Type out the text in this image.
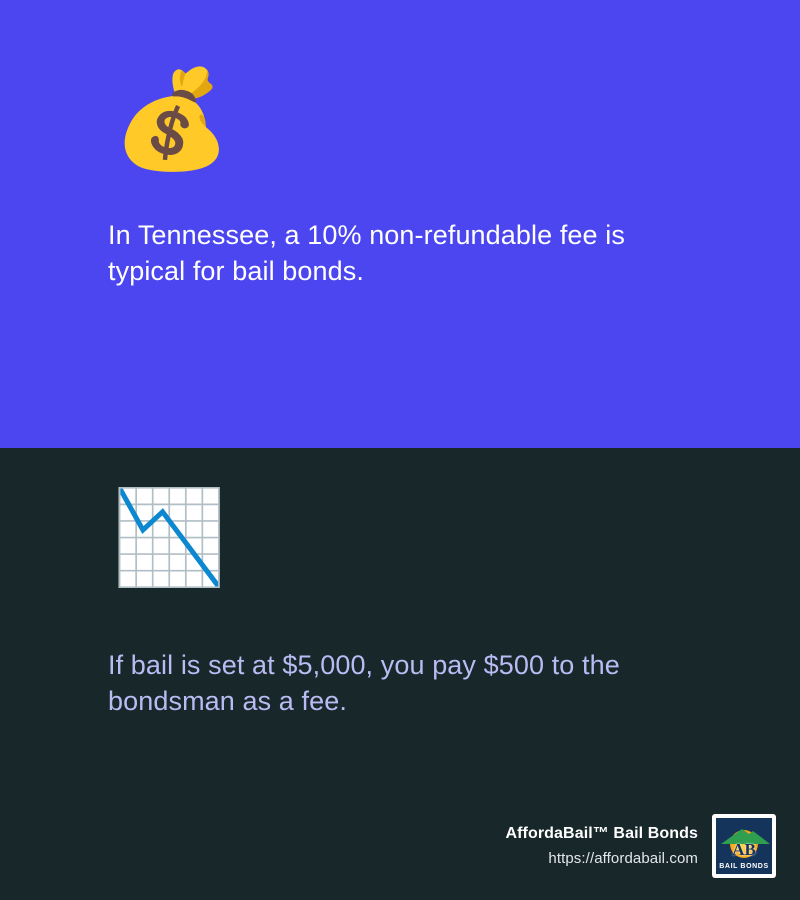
💰
In Tennessee, a 10% non-refundable fee is typical for bail bonds.
AffordaBail™ Bail Bonds
https://affordabail.com	AB
BAIL BONDS
📉
If bail is set at $5,000, you pay $500 to the bondsman as a fee.
